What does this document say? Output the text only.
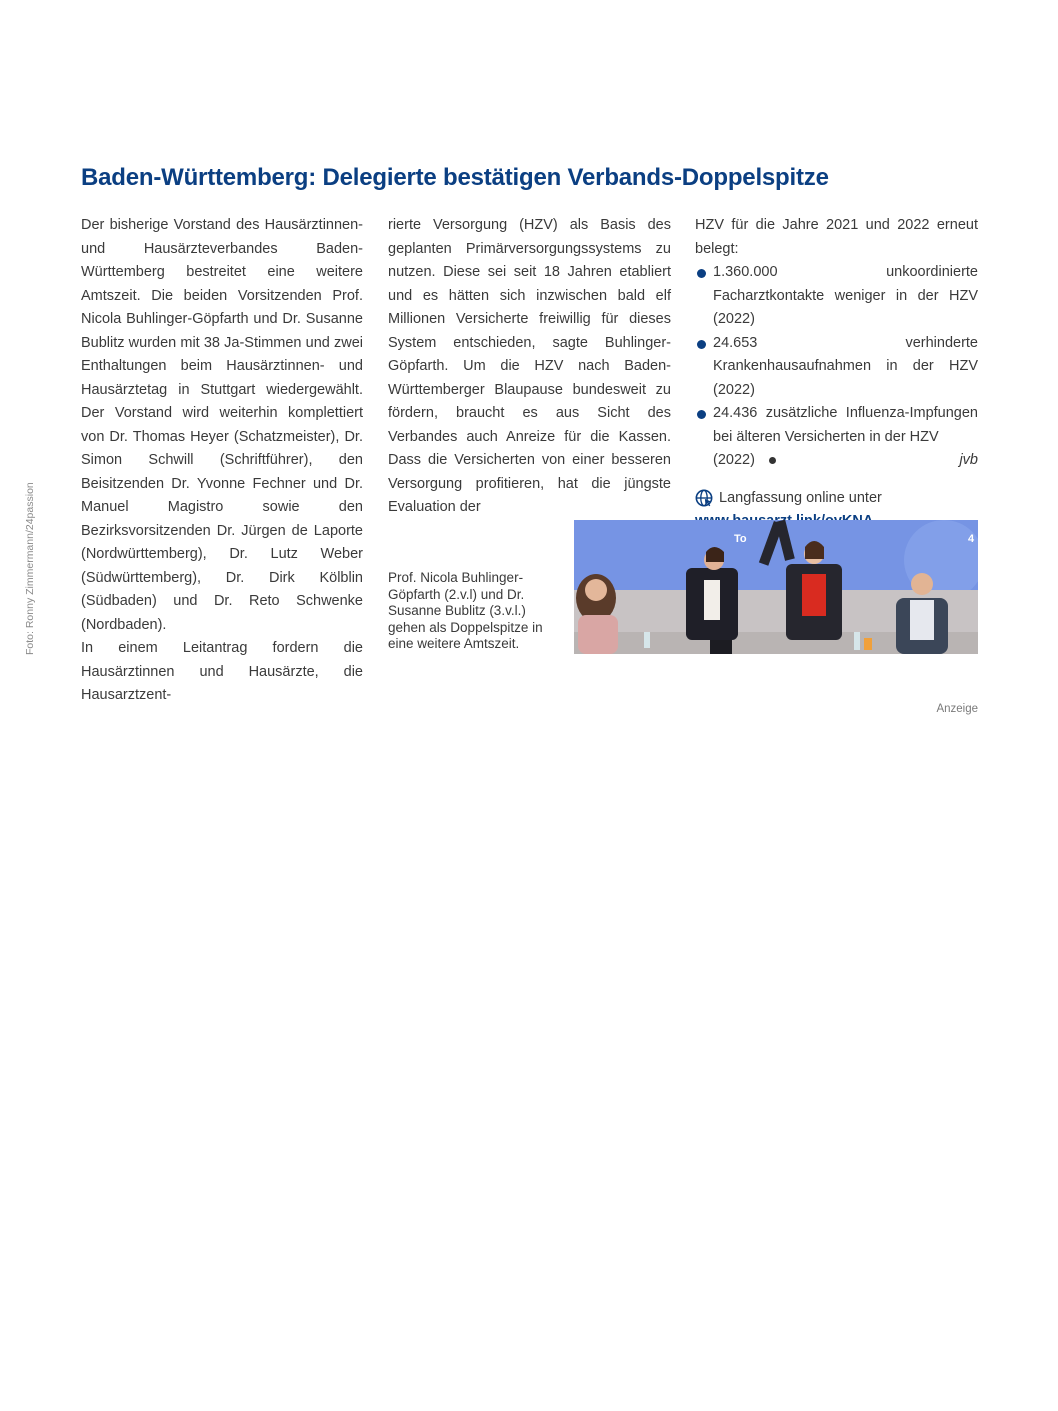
Foto: Ronny Zimmermann/24passion
Baden-Württemberg: Delegierte bestätigen Verbands-Doppelspitze

Der bisherige Vorstand des Hausärztinnen- und Hausärzteverbandes Baden-Württemberg bestreitet eine weitere Amtszeit. Die beiden Vorsitzenden Prof. Nicola Buhlinger-Göpfarth und Dr. Susanne Bublitz wurden mit 38 Ja-Stimmen und zwei Enthaltungen beim Hausärztinnen- und Hausärztetag in Stuttgart wiedergewählt. Der Vorstand wird weiterhin komplettiert von Dr. Thomas Heyer (Schatzmeister), Dr. Simon Schwill (Schriftführer), den Beisitzenden Dr. Yvonne Fechner und Dr. Manuel Magistro sowie den Bezirksvorsitzenden Dr. Jürgen de Laporte (Nordwürttemberg), Dr. Lutz Weber (Südwürttemberg), Dr. Dirk Kölblin (Südbaden) und Dr. Reto Schwenke (Nordbaden).

In einem Leitantrag fordern die Hausärztinnen und Hausärzte, die Hausarztzent-

rierte Versorgung (HZV) als Basis des geplanten Primärversorgungssystems zu nutzen. Diese sei seit 18 Jahren etabliert und es hätten sich inzwischen bald elf Millionen Versicherte freiwillig für dieses System entschieden, sagte Buhlinger-Göpfarth. Um die HZV nach Baden-Württemberger Blaupause bundesweit zu fördern, braucht es aus Sicht des Verbandes auch Anreize für die Kassen. Dass die Versicherten von einer besseren Versorgung profitieren, hat die jüngste Evaluation der

HZV für die Jahre 2021 und 2022 erneut belegt:

1.360.000 unkoordinierte Facharztkontakte weniger in der HZV (2022)
24.653 verhinderte Krankenhausaufnahmen in der HZV (2022)
24.436 zusätzliche Influenza-Impfungen bei älteren Versicherten in der HZV
(2022)	jvb
Langfassung online unter
Prof. Nicola Buhlinger-Göpfarth (2.v.l) und Dr. Susanne Bublitz (3.v.l.) gehen als Doppelspitze in eine weitere Amtszeit.
To	4
Anzeige
